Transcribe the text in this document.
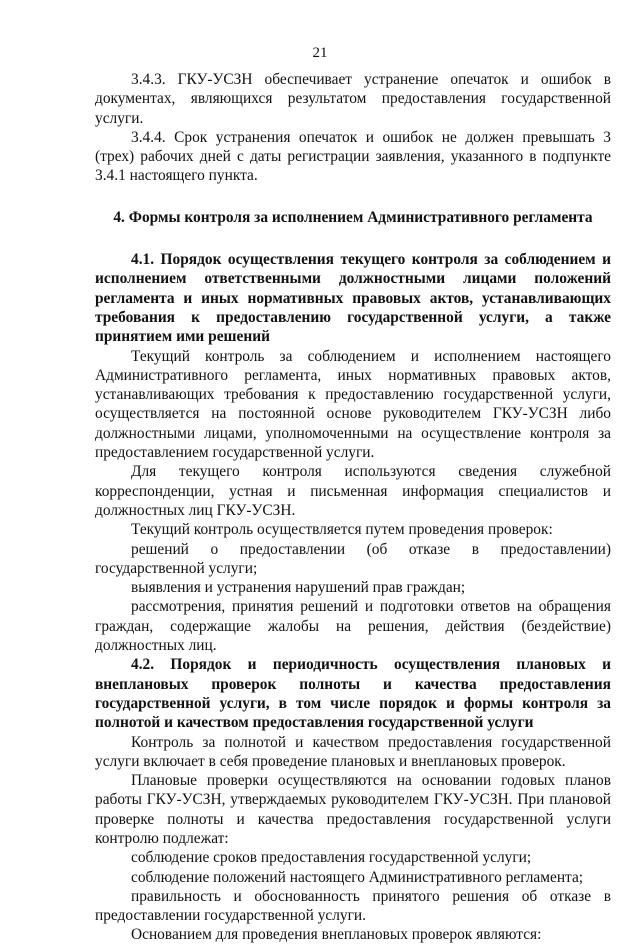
21

3.4.3. ГКУ-УСЗН обеспечивает устранение опечаток и ошибок в документах, являющихся результатом предоставления государственной услуги.

3.4.4. Срок устранения опечаток и ошибок не должен превышать 3 (трех) рабочих дней с даты регистрации заявления, указанного в подпункте 3.4.1 настоящего пункта.

4. Формы контроля за исполнением Административного регламента

4.1. Порядок осуществления текущего контроля за соблюдением и исполнением ответственными должностными лицами положений регламента и иных нормативных правовых актов, устанавливающих требования к предоставлению государственной услуги, а также принятием ими решений

Текущий контроль за соблюдением и исполнением настоящего Административного регламента, иных нормативных правовых актов, устанавливающих требования к предоставлению государственной услуги, осуществляется на постоянной основе руководителем ГКУ-УСЗН либо должностными лицами, уполномоченными на осуществление контроля за предоставлением государственной услуги.

Для текущего контроля используются сведения служебной корреспонденции, устная и письменная информация специалистов и должностных лиц ГКУ-УСЗН.

Текущий контроль осуществляется путем проведения проверок:

решений о предоставлении (об отказе в предоставлении) государственной услуги;

выявления и устранения нарушений прав граждан;

рассмотрения, принятия решений и подготовки ответов на обращения граждан, содержащие жалобы на решения, действия (бездействие) должностных лиц.

4.2. Порядок и периодичность осуществления плановых и внеплановых проверок полноты и качества предоставления государственной услуги, в том числе порядок и формы контроля за полнотой и качеством предоставления государственной услуги

Контроль за полнотой и качеством предоставления государственной услуги включает в себя проведение плановых и внеплановых проверок.

Плановые проверки осуществляются на основании годовых планов работы ГКУ-УСЗН, утверждаемых руководителем ГКУ-УСЗН. При плановой проверке полноты и качества предоставления государственной услуги контролю подлежат:

соблюдение сроков предоставления государственной услуги;

соблюдение положений настоящего Административного регламента;

правильность и обоснованность принятого решения об отказе в предоставлении государственной услуги.

Основанием для проведения внеплановых проверок являются:
